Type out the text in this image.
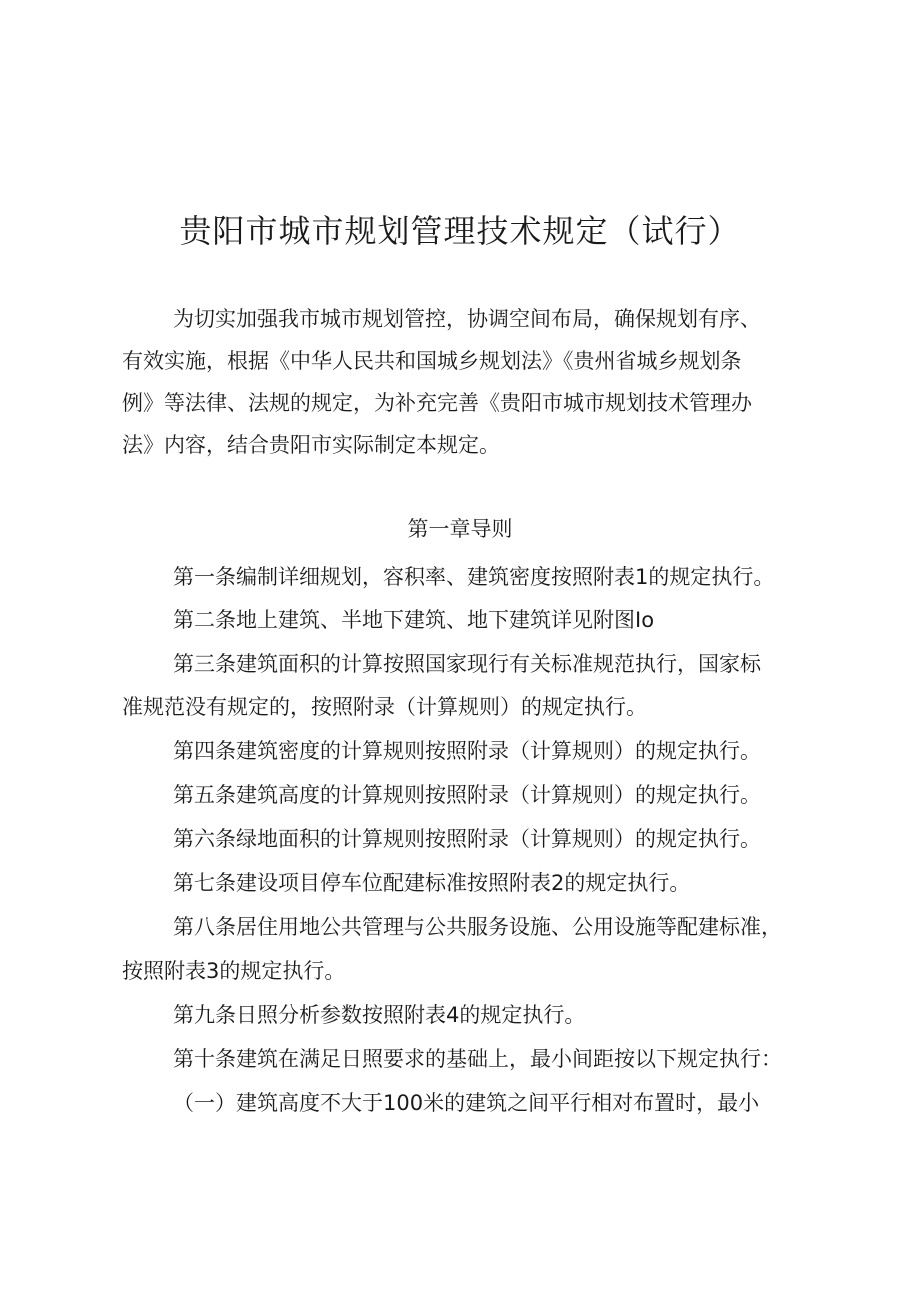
贵阳市城市规划管理技术规定（试行）
为切实加强我市城市规划管控，协调空间布局，确保规划有序、
有效实施，根据《中华人民共和国城乡规划法》《贵州省城乡规划条
例》等法律、法规的规定，为补充完善《贵阳市城市规划技术管理办
法》内容，结合贵阳市实际制定本规定。
第一章导则
第一条编制详细规划，容积率、建筑密度按照附表1的规定执行。
第二条地上建筑、半地下建筑、地下建筑详见附图Io
第三条建筑面积的计算按照国家现行有关标准规范执行，国家标
准规范没有规定的，按照附录（计算规则）的规定执行。
第四条建筑密度的计算规则按照附录（计算规则）的规定执行。
第五条建筑高度的计算规则按照附录（计算规则）的规定执行。
第六条绿地面积的计算规则按照附录（计算规则）的规定执行。
第七条建设项目停车位配建标准按照附表2的规定执行。
第八条居住用地公共管理与公共服务设施、公用设施等配建标准，
按照附表3的规定执行。
第九条日照分析参数按照附表4的规定执行。
第十条建筑在满足日照要求的基础上，最小间距按以下规定执行：
（一）建筑高度不大于100米的建筑之间平行相对布置时，最小
